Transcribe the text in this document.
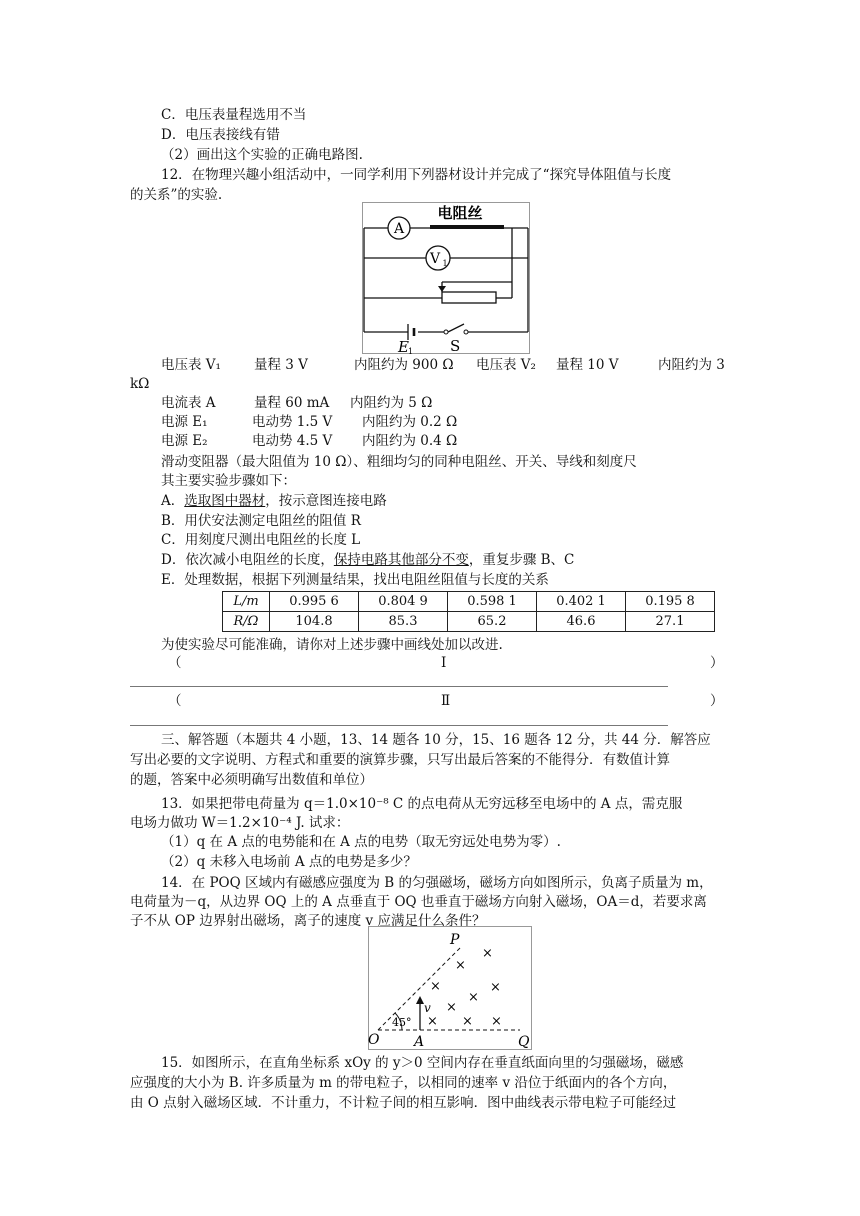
C．电压表量程选用不当
D．电压表接线有错
（2）画出这个实验的正确电路图.
12．在物理兴趣小组活动中，一同学利用下列器材设计并完成了“探究导体阻值与长度
的关系”的实验.
A
V 1
电阻丝
E 1 S
电压表 V₁ 量程 3 V	内阻约为 900 Ω 电压表 V₂ 量程 10 V	内阻约为 3
kΩ
电流表 A	量程 60 mA 内阻约为 5 Ω
电源 E₁	电动势 1.5 V 内阻约为 0.2 Ω
电源 E₂	电动势 4.5 V 内阻约为 0.4 Ω
滑动变阻器（最大阻值为 10 Ω）、粗细均匀的同种电阻丝、开关、导线和刻度尺
其主要实验步骤如下：
A．选取图中器材，按示意图连接电路
B．用伏安法测定电阻丝的阻值 R
C．用刻度尺测出电阻丝的长度 L
D．依次减小电阻丝的长度，保持电路其他部分不变，重复步骤 B、C
E．处理数据，根据下列测量结果，找出电阻丝阻值与长度的关系
L/m	0.995 6	0.804 9	0.598 1	0.402 1	0.195 8
R/Ω	104.8	85.3	65.2	46.6	27.1
为使实验尽可能准确，请你对上述步骤中画线处加以改进.
（	Ⅰ	）
（	Ⅱ	）
三、解答题（本题共 4 小题，13、14 题各 10 分，15、16 题各 12 分，共 44 分．解答应
写出必要的文字说明、方程式和重要的演算步骤，只写出最后答案的不能得分．有数值计算
的题，答案中必须明确写出数值和单位）
13．如果把带电荷量为 q＝1.0×10⁻⁸ C 的点电荷从无穷远移至电场中的 A 点，需克服
电场力做功 W＝1.2×10⁻⁴ J. 试求：
（1）q 在 A 点的电势能和在 A 点的电势（取无穷远处电势为零）.
（2）q 未移入电场前 A 点的电势是多少？
14．在 POQ 区域内有磁感应强度为 B 的匀强磁场，磁场方向如图所示，负离子质量为 m，
电荷量为－q，从边界 OQ 上的 A 点垂直于 OQ 也垂直于磁场方向射入磁场，OA＝d，若要求离
子不从 OP 边界射出磁场，离子的速度 v 应满足什么条件？
v
45°
P
O A	Q
×
×
×	×
×
×
× × ×
15．如图所示，在直角坐标系 xOy 的 y＞0 空间内存在垂直纸面向里的匀强磁场，磁感
应强度的大小为 B. 许多质量为 m 的带电粒子，以相同的速率 v 沿位于纸面内的各个方向，
由 O 点射入磁场区域．不计重力，不计粒子间的相互影响．图中曲线表示带电粒子可能经过
